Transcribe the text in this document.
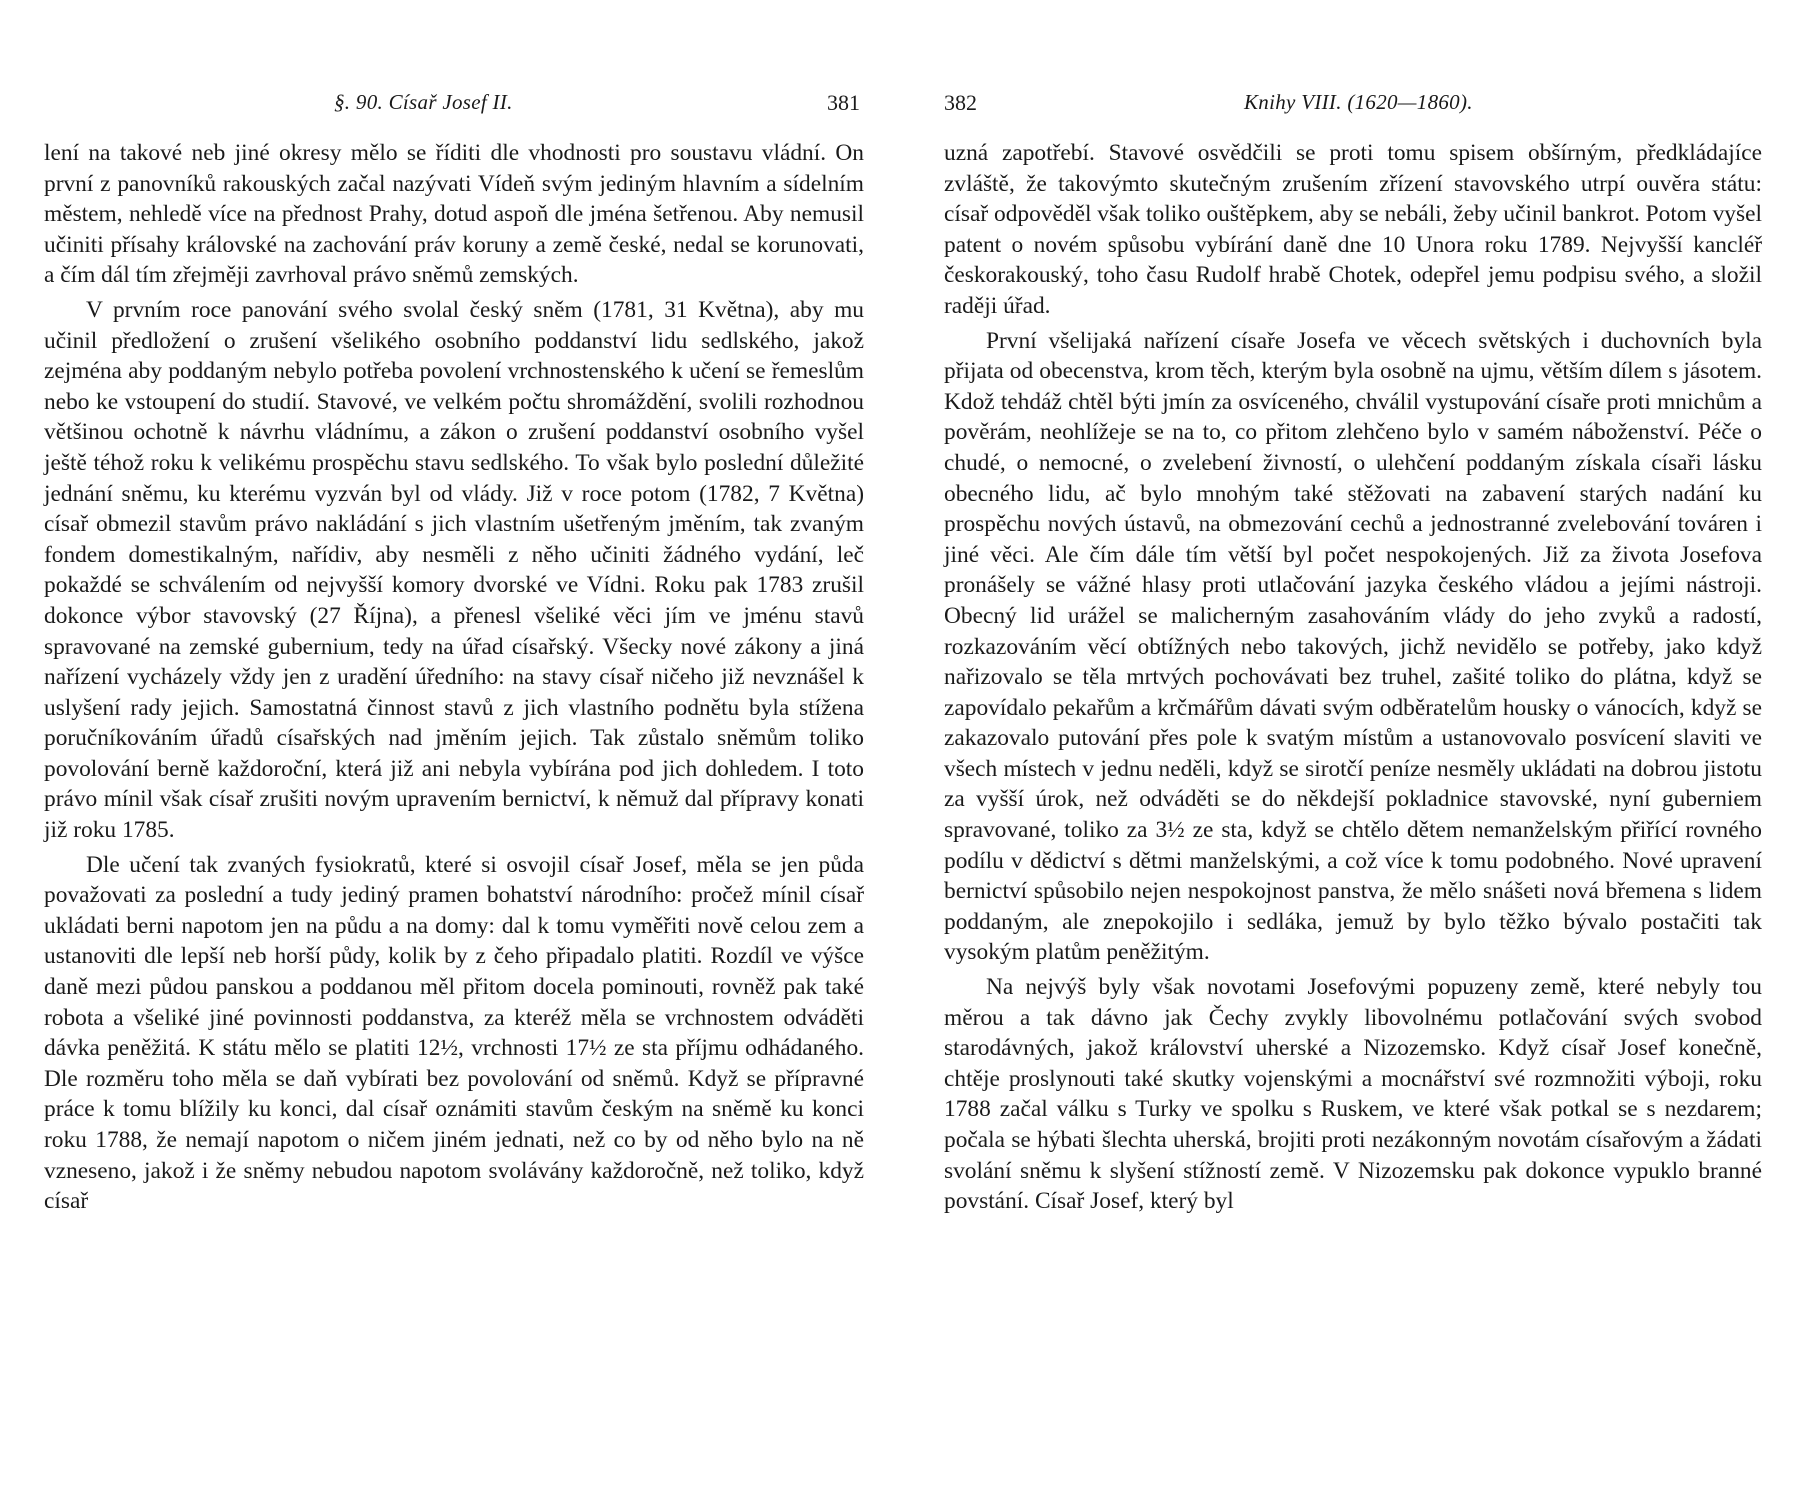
§. 90. Císař Josef II.	381

lení na takové neb jiné okresy mělo se říditi dle vhodnosti pro soustavu vládní. On první z panovníků rakouských začal nazývati Vídeň svým jediným hlavním a sídelním městem, nehledě více na přednost Prahy, dotud aspoň dle jména šetřenou. Aby nemusil učiniti přísahy královské na zachování práv koruny a země české, nedal se korunovati, a čím dál tím zřejměji zavrhoval právo sněmů zemských.

V prvním roce panování svého svolal český sněm (1781, 31 Května), aby mu učinil předložení o zrušení všelikého osobního poddanství lidu sedlského, jakož zejména aby poddaným nebylo potřeba povolení vrchnostenského k učení se řemeslům nebo ke vstoupení do studií. Stavové, ve velkém počtu shromáždění, svolili rozhodnou většinou ochotně k návrhu vládnímu, a zákon o zrušení poddanství osobního vyšel ještě téhož roku k velikému prospěchu stavu sedlského. To však bylo poslední důležité jednání sněmu, ku kterému vyzván byl od vlády. Již v roce potom (1782, 7 Května) císař obmezil stavům právo nakládání s jich vlastním ušetřeným jměním, tak zvaným fondem domestikalným, nařídiv, aby nesměli z něho učiniti žádného vydání, leč pokaždé se schválením od nejvyšší komory dvorské ve Vídni. Roku pak 1783 zrušil dokonce výbor stavovský (27 Října), a přenesl všeliké věci jím ve jménu stavů spravované na zemské gubernium, tedy na úřad císařský. Všecky nové zákony a jiná nařízení vycházely vždy jen z uradění úředního: na stavy císař ničeho již nevznášel k uslyšení rady jejich. Samostatná činnost stavů z jich vlastního podnětu byla stížena poručníkováním úřadů císařských nad jměním jejich. Tak zůstalo sněmům toliko povolování berně každoroční, která již ani nebyla vybírána pod jich dohledem. I toto právo mínil však císař zrušiti novým upravením bernictví, k němuž dal přípravy konati již roku 1785.

Dle učení tak zvaných fysiokratů, které si osvojil císař Josef, měla se jen půda považovati za poslední a tudy jediný pramen bohatství národního: pročež mínil císař ukládati berni napotom jen na půdu a na domy: dal k tomu vyměřiti nově celou zem a ustanoviti dle lepší neb horší půdy, kolik by z čeho připadalo platiti. Rozdíl ve výšce daně mezi půdou panskou a poddanou měl přitom docela pominouti, rovněž pak také robota a všeliké jiné povinnosti poddanstva, za kteréž měla se vrchnostem odváděti dávka peněžitá. K státu mělo se platiti 12½, vrchnosti 17½ ze sta příjmu odhádaného. Dle rozměru toho měla se daň vybírati bez povolování od sněmů. Když se přípravné práce k tomu blížily ku konci, dal císař oznámiti stavům českým na sněmě ku konci roku 1788, že nemají napotom o ničem jiném jednati, než co by od něho bylo na ně vzneseno, jakož i že sněmy nebudou napotom svolávány každoročně, než toliko, když císař

382	Knihy VIII. (1620—1860).

uzná zapotřebí. Stavové osvědčili se proti tomu spisem obšírným, předkládajíce zvláště, že takovýmto skutečným zrušením zřízení stavovského utrpí ouvěra státu: císař odpověděl však toliko ouštěpkem, aby se nebáli, žeby učinil bankrot. Potom vyšel patent o novém spůsobu vybírání daně dne 10 Unora roku 1789. Nejvyšší kancléř českorakouský, toho času Rudolf hrabě Chotek, odepřel jemu podpisu svého, a složil raději úřad.

První všelijaká nařízení císaře Josefa ve věcech světských i duchovních byla přijata od obecenstva, krom těch, kterým byla osobně na ujmu, větším dílem s jásotem. Kdož tehdáž chtěl býti jmín za osvíceného, chválil vystupování císaře proti mnichům a pověrám, neohlížeje se na to, co přitom zlehčeno bylo v samém náboženství. Péče o chudé, o nemocné, o zvelebení živností, o ulehčení poddaným získala císaři lásku obecného lidu, ač bylo mnohým také stěžovati na zabavení starých nadání ku prospěchu nových ústavů, na obmezování cechů a jednostranné zvelebování továren i jiné věci. Ale čím dále tím větší byl počet nespokojených. Již za života Josefova pronášely se vážné hlasy proti utlačování jazyka českého vládou a jejími nástroji. Obecný lid urážel se malicherným zasahováním vlády do jeho zvyků a radostí, rozkazováním věcí obtížných nebo takových, jichž nevidělo se potřeby, jako když nařizovalo se těla mrtvých pochovávati bez truhel, zašité toliko do plátna, když se zapovídalo pekařům a krčmářům dávati svým odběratelům housky o vánocích, když se zakazovalo putování přes pole k svatým místům a ustanovovalo posvícení slaviti ve všech místech v jednu neděli, když se sirotčí peníze nesměly ukládati na dobrou jistotu za vyšší úrok, než odváděti se do někdejší pokladnice stavovské, nyní guberniem spravované, toliko za 3½ ze sta, když se chtělo dětem nemanželským přiřící rovného podílu v dědictví s dětmi manželskými, a což více k tomu podobného. Nové upravení bernictví spůsobilo nejen nespokojnost panstva, že mělo snášeti nová břemena s lidem poddaným, ale znepokojilo i sedláka, jemuž by bylo těžko bývalo postačiti tak vysokým platům peněžitým.

Na nejvýš byly však novotami Josefovými popuzeny země, které nebyly tou měrou a tak dávno jak Čechy zvykly libovolnému potlačování svých svobod starodávných, jakož království uherské a Nizozemsko. Když císař Josef konečně, chtěje proslynouti také skutky vojenskými a mocnářství své rozmnožiti výboji, roku 1788 začal válku s Turky ve spolku s Ruskem, ve které však potkal se s nezdarem; počala se hýbati šlechta uherská, brojiti proti nezákonným novotám císařovým a žádati svolání sněmu k slyšení stížností země. V Nizozemsku pak dokonce vypuklo branné povstání. Císař Josef, který byl
